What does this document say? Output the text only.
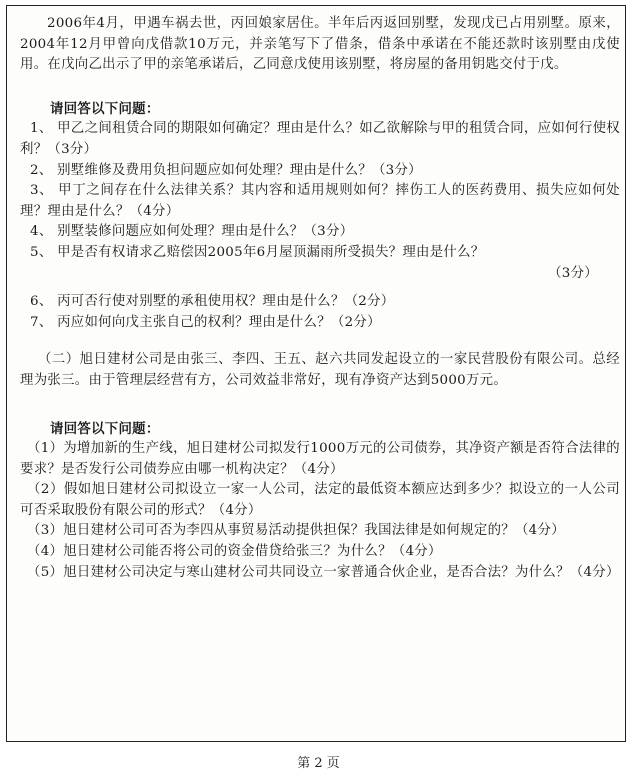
2006年4月，甲遇车祸去世，丙回娘家居住。半年后丙返回别墅，发现戊已占用别墅。原来，2004年12月甲曾向戊借款10万元，并亲笔写下了借条，借条中承诺在不能还款时该别墅由戊使用。在戊向乙出示了甲的亲笔承诺后，乙同意戊使用该别墅，将房屋的备用钥匙交付于戊。

请回答以下问题：

1、 甲乙之间租赁合同的期限如何确定？理由是什么？如乙欲解除与甲的租赁合同，应如何行使权利？（3分）

2、 别墅维修及费用负担问题应如何处理？理由是什么？（3分）

3、 甲丁之间存在什么法律关系？其内容和适用规则如何？摔伤工人的医药费用、损失应如何处理？理由是什么？（4分）

4、 别墅装修问题应如何处理？理由是什么？（3分）

5、 甲是否有权请求乙赔偿因2005年6月屋顶漏雨所受损失？理由是什么？

（3分）

6、 丙可否行使对别墅的承租使用权？理由是什么？（2分）

7、 丙应如何向戊主张自己的权利？理由是什么？（2分）

（二）旭日建材公司是由张三、李四、王五、赵六共同发起设立的一家民营股份有限公司。总经理为张三。由于管理层经营有方，公司效益非常好，现有净资产达到5000万元。

请回答以下问题：

（1）为增加新的生产线，旭日建材公司拟发行1000万元的公司债券，其净资产额是否符合法律的要求？是否发行公司债券应由哪一机构决定？（4分）

（2）假如旭日建材公司拟设立一家一人公司，法定的最低资本额应达到多少？拟设立的一人公司可否采取股份有限公司的形式？（4分）

（3）旭日建材公司可否为李四从事贸易活动提供担保？我国法律是如何规定的？（4分）

（4）旭日建材公司能否将公司的资金借贷给张三？为什么？（4分）

（5）旭日建材公司决定与寒山建材公司共同设立一家普通合伙企业，是否合法？为什么？（4分）

第 2 页
